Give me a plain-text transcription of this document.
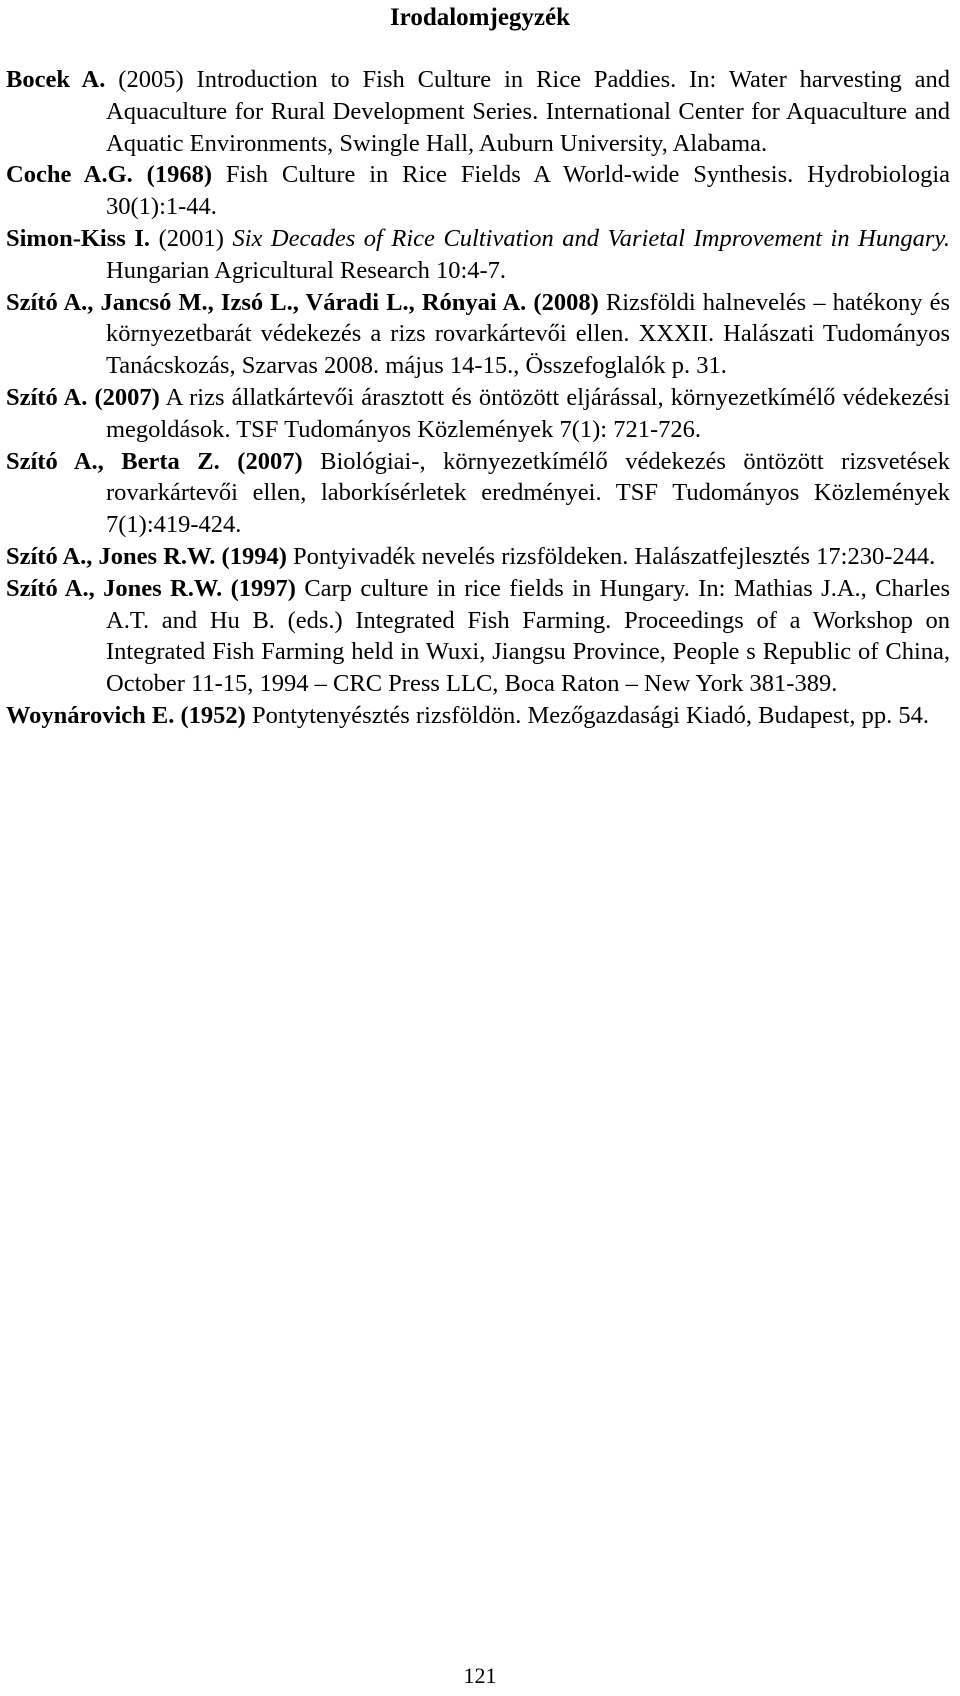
Irodalomjegyzék
Bocek A. (2005) Introduction to Fish Culture in Rice Paddies. In: Water harvesting and Aquaculture for Rural Development Series. International Center for Aquaculture and Aquatic Environments, Swingle Hall, Auburn University, Alabama.
Coche A.G. (1968) Fish Culture in Rice Fields A World-wide Synthesis. Hydrobiologia 30(1):1-44.
Simon-Kiss I. (2001) Six Decades of Rice Cultivation and Varietal Improvement in Hungary. Hungarian Agricultural Research 10:4-7.
Szító A., Jancsó M., Izsó L., Váradi L., Rónyai A. (2008) Rizsföldi halnevelés – hatékony és környezetbarát védekezés a rizs rovarkártevői ellen. XXXII. Halászati Tudományos Tanácskozás, Szarvas 2008. május 14-15., Összefoglalók p. 31.
Szító A. (2007) A rizs állatkártevői árasztott és öntözött eljárással, környezetkímélő védekezési megoldások. TSF Tudományos Közlemények 7(1): 721-726.
Szító A., Berta Z. (2007) Biológiai-, környezetkímélő védekezés öntözött rizsvetések rovarkártevői ellen, laborkísérletek eredményei. TSF Tudományos Közlemények 7(1):419-424.
Szító A., Jones R.W. (1994) Pontyivadék nevelés rizsföldeken. Halászatfejlesztés 17:230-244.
Szító A., Jones R.W. (1997) Carp culture in rice fields in Hungary. In: Mathias J.A., Charles A.T. and Hu B. (eds.) Integrated Fish Farming. Proceedings of a Workshop on Integrated Fish Farming held in Wuxi, Jiangsu Province, People s Republic of China, October 11-15, 1994 – CRC Press LLC, Boca Raton – New York 381-389.
Woynárovich E. (1952) Pontytenyésztés rizsföldön. Mezőgazdasági Kiadó, Budapest, pp. 54.
121
